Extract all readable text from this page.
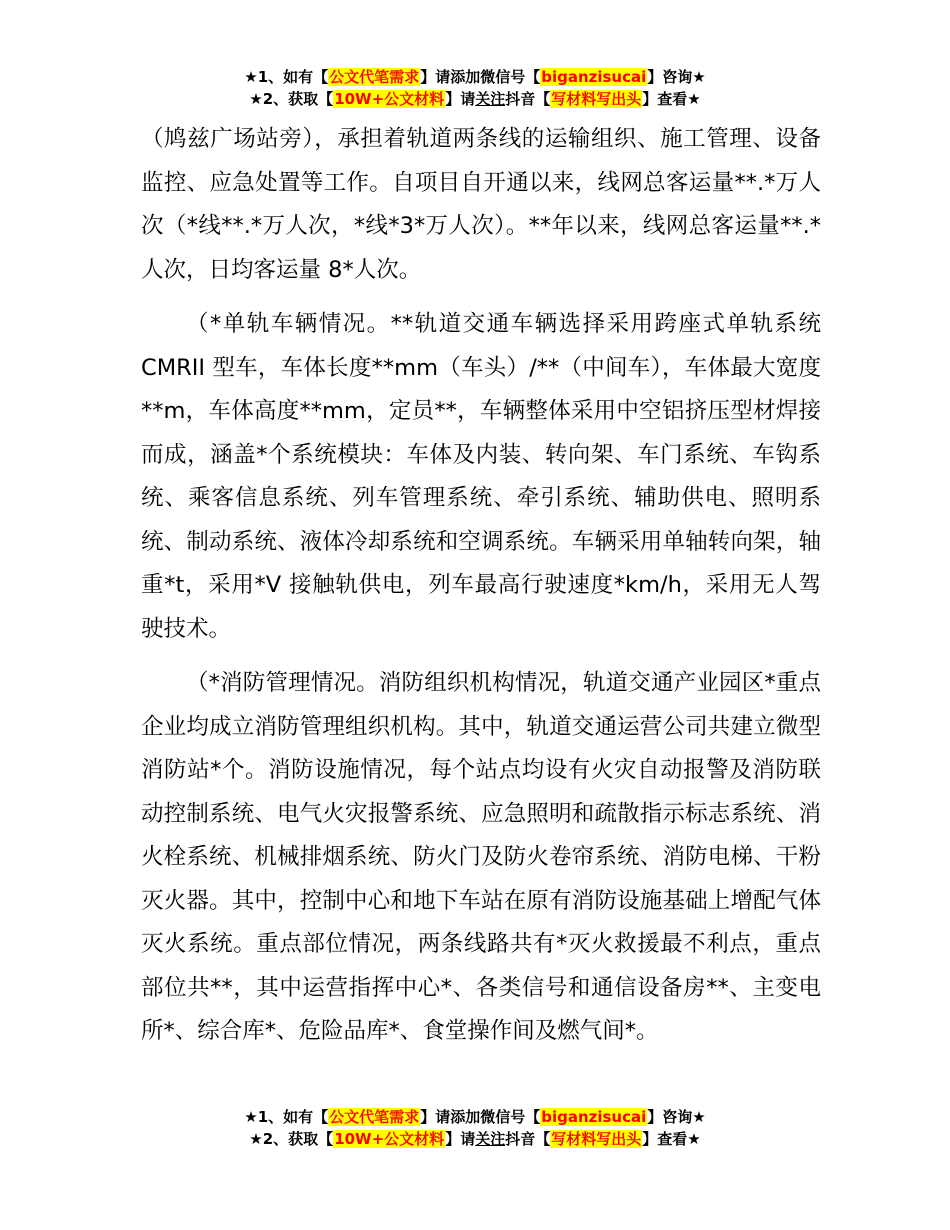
★1、如有【公文代笔需求】请添加微信号【biganzisucai】咨询★
★2、获取【10W+公文材料】请关注抖音【写材料写出头】查看★

（鸠兹广场站旁），承担着轨道两条线的运输组织、施工管理、设备监控、应急处置等工作。自项目自开通以来，线网总客运量**.*万人次（*线**.*万人次，*线*3*万人次）。**年以来，线网总客运量**.*人次，日均客运量 8*人次。

（*单轨车辆情况。**轨道交通车辆选择采用跨座式单轨系统 CMRII 型车，车体长度**mm（车头）/**（中间车），车体最大宽度**m，车体高度**mm，定员**，车辆整体采用中空铝挤压型材焊接而成，涵盖*个系统模块：车体及内装、转向架、车门系统、车钩系统、乘客信息系统、列车管理系统、牵引系统、辅助供电、照明系统、制动系统、液体冷却系统和空调系统。车辆采用单轴转向架，轴重*t，采用*V 接触轨供电，列车最高行驶速度*km/h，采用无人驾驶技术。

（*消防管理情况。消防组织机构情况，轨道交通产业园区*重点企业均成立消防管理组织机构。其中，轨道交通运营公司共建立微型消防站*个。消防设施情况，每个站点均设有火灾自动报警及消防联动控制系统、电气火灾报警系统、应急照明和疏散指示标志系统、消火栓系统、机械排烟系统、防火门及防火卷帘系统、消防电梯、干粉灭火器。其中，控制中心和地下车站在原有消防设施基础上增配气体灭火系统。重点部位情况，两条线路共有*灭火救援最不利点，重点部位共**，其中运营指挥中心*、各类信号和通信设备房**、主变电所*、综合库*、危险品库*、食堂操作间及燃气间*。

★1、如有【公文代笔需求】请添加微信号【biganzisucai】咨询★
★2、获取【10W+公文材料】请关注抖音【写材料写出头】查看★
